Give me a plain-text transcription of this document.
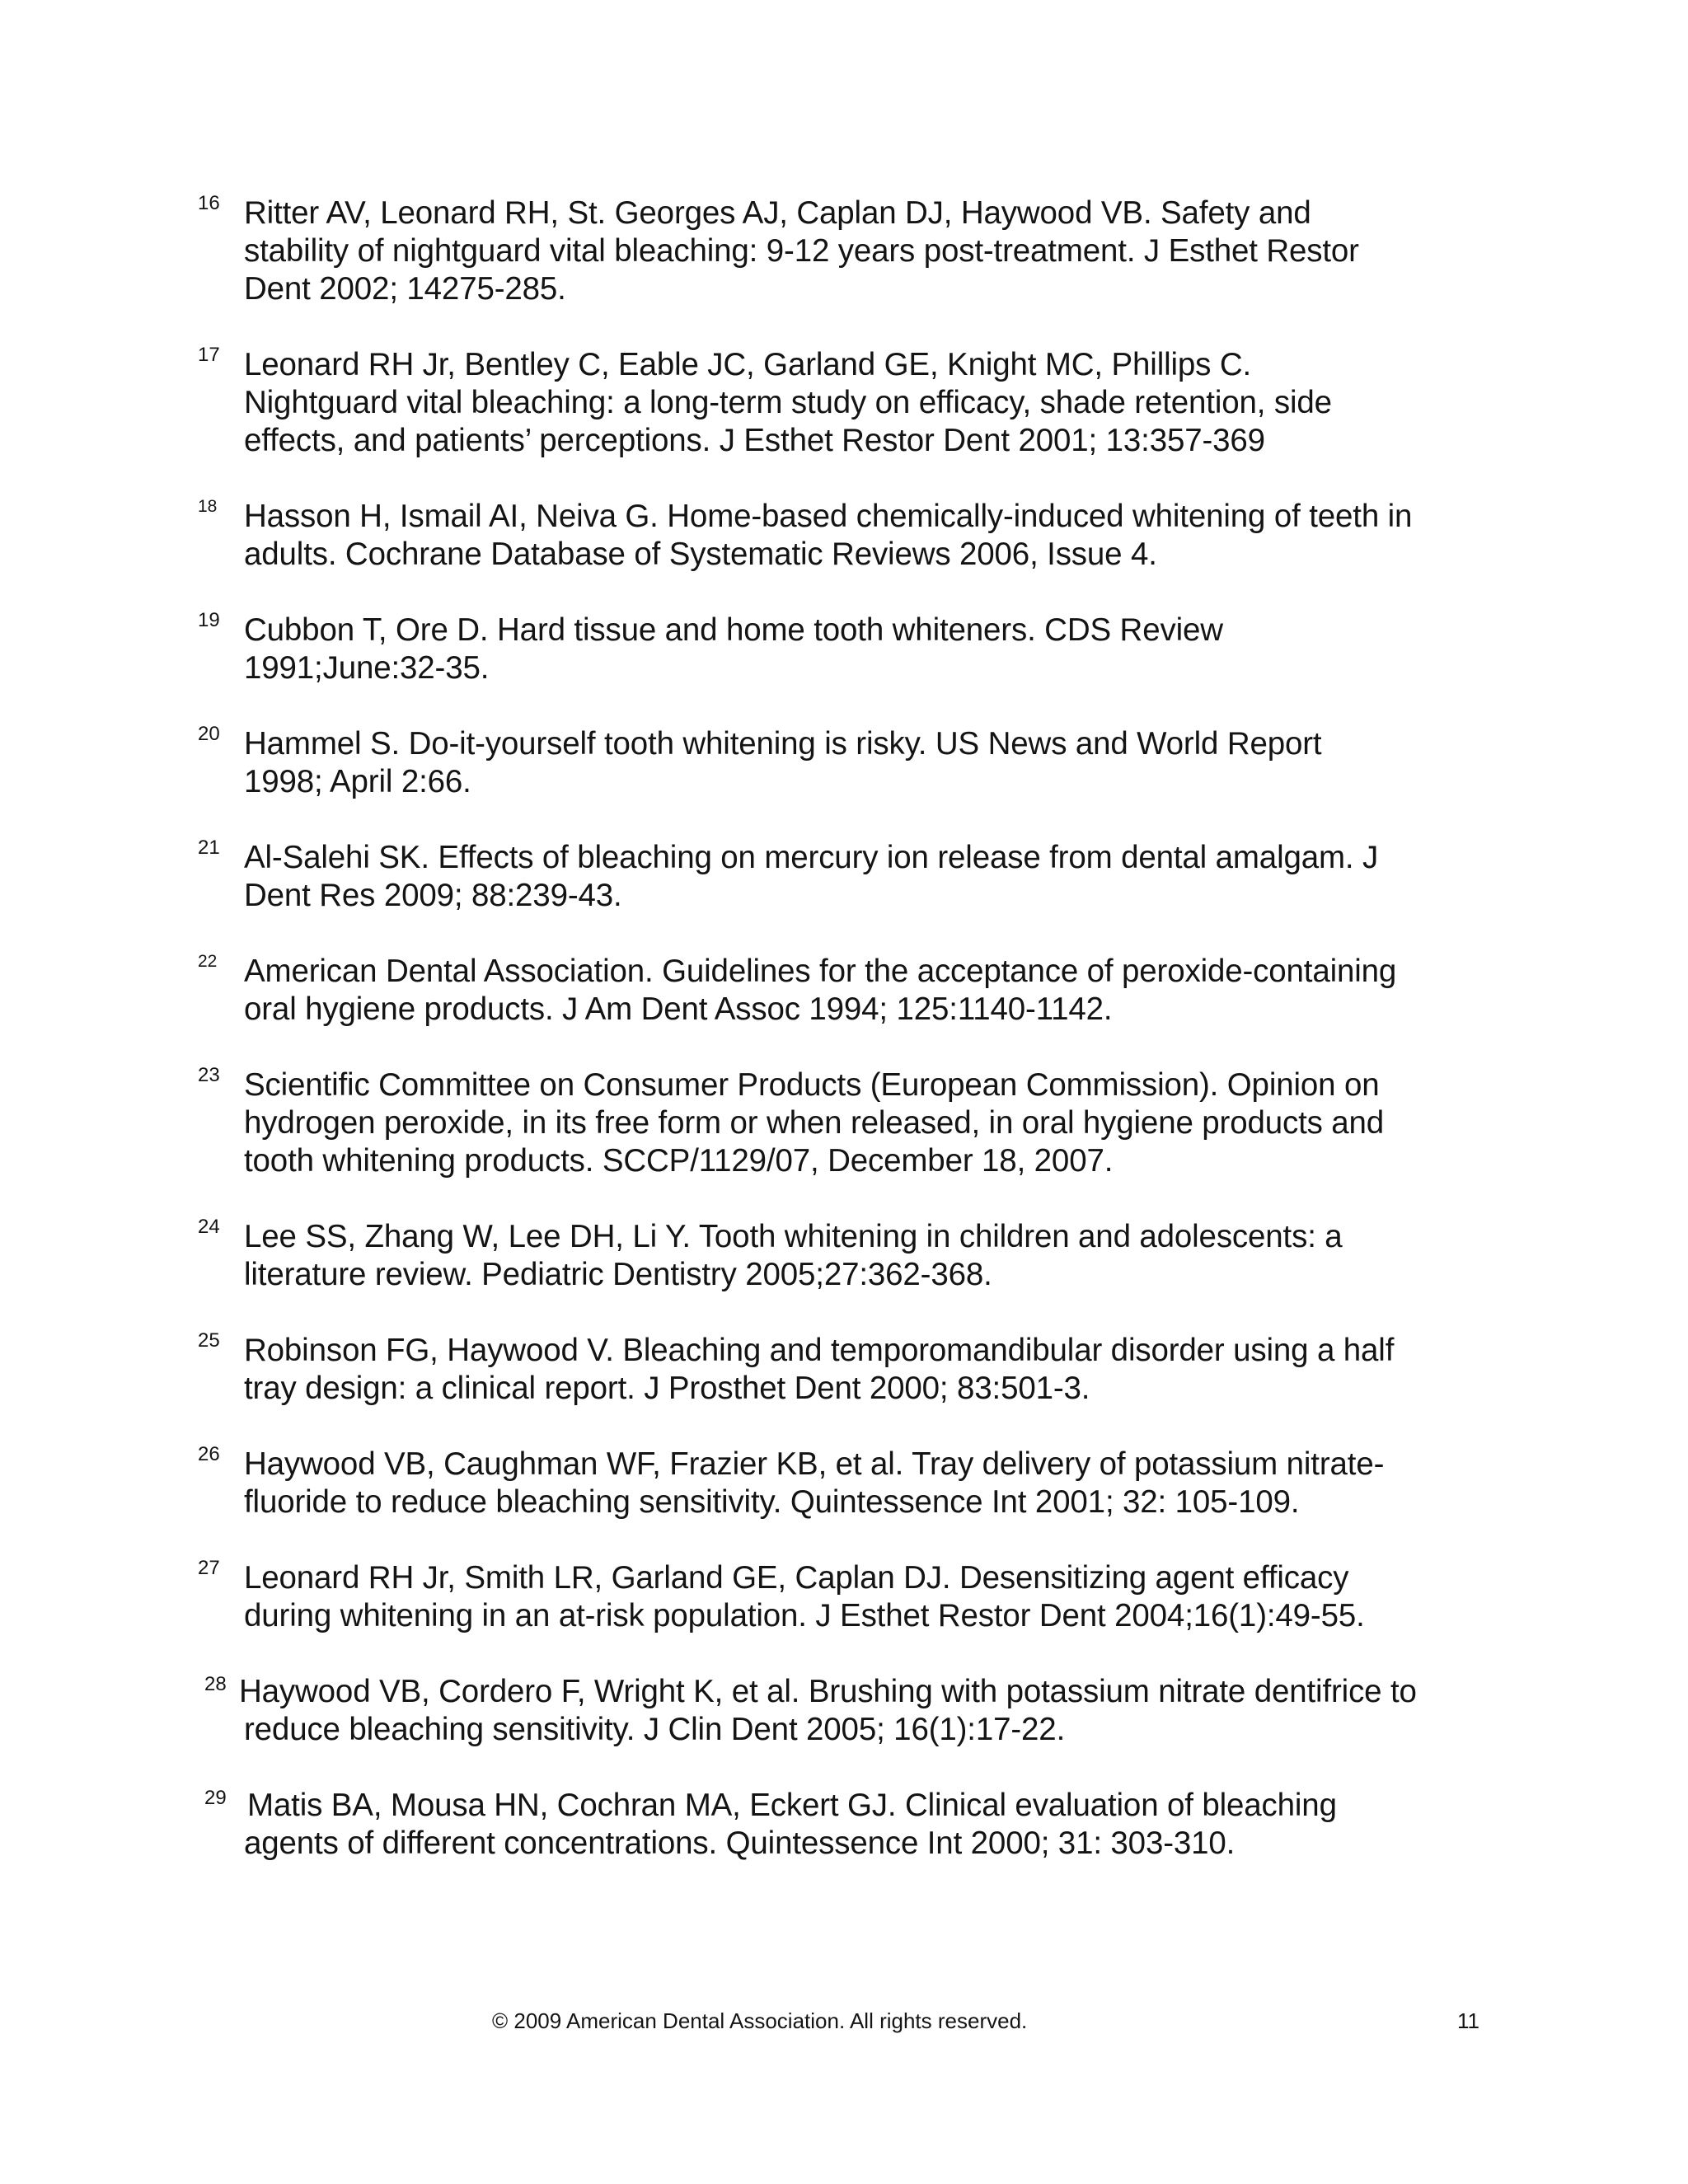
16 Ritter AV, Leonard RH, St. Georges AJ, Caplan DJ, Haywood VB. Safety and
stability of nightguard vital bleaching: 9-12 years post-treatment. J Esthet Restor
Dent 2002; 14275-285.
17 Leonard RH Jr, Bentley C, Eable JC, Garland GE, Knight MC, Phillips C.
Nightguard vital bleaching: a long-term study on efficacy, shade retention, side
effects, and patients’ perceptions. J Esthet Restor Dent 2001; 13:357-369
18 Hasson H, Ismail AI, Neiva G. Home-based chemically-induced whitening of teeth in
adults. Cochrane Database of Systematic Reviews 2006, Issue 4.
19 Cubbon T, Ore D. Hard tissue and home tooth whiteners. CDS Review
1991;June:32-35.
20 Hammel S. Do-it-yourself tooth whitening is risky. US News and World Report
1998; April 2:66.
21 Al-Salehi SK. Effects of bleaching on mercury ion release from dental amalgam. J
Dent Res 2009; 88:239-43.
22 American Dental Association. Guidelines for the acceptance of peroxide-containing
oral hygiene products. J Am Dent Assoc 1994; 125:1140-1142.
23 Scientific Committee on Consumer Products (European Commission). Opinion on
hydrogen peroxide, in its free form or when released, in oral hygiene products and
tooth whitening products. SCCP/1129/07, December 18, 2007.
24 Lee SS, Zhang W, Lee DH, Li Y. Tooth whitening in children and adolescents: a
literature review. Pediatric Dentistry 2005;27:362-368.
25 Robinson FG, Haywood V. Bleaching and temporomandibular disorder using a half
tray design: a clinical report. J Prosthet Dent 2000; 83:501-3.
26 Haywood VB, Caughman WF, Frazier KB, et al. Tray delivery of potassium nitrate-
fluoride to reduce bleaching sensitivity. Quintessence Int 2001; 32: 105-109.
27 Leonard RH Jr, Smith LR, Garland GE, Caplan DJ. Desensitizing agent efficacy
during whitening in an at-risk population. J Esthet Restor Dent 2004;16(1):49-55.
28 Haywood VB, Cordero F, Wright K, et al. Brushing with potassium nitrate dentifrice to
reduce bleaching sensitivity. J Clin Dent 2005; 16(1):17-22.
29 Matis BA, Mousa HN, Cochran MA, Eckert GJ. Clinical evaluation of bleaching
agents of different concentrations. Quintessence Int 2000; 31: 303-310.
© 2009 American Dental Association. All rights reserved.	11
